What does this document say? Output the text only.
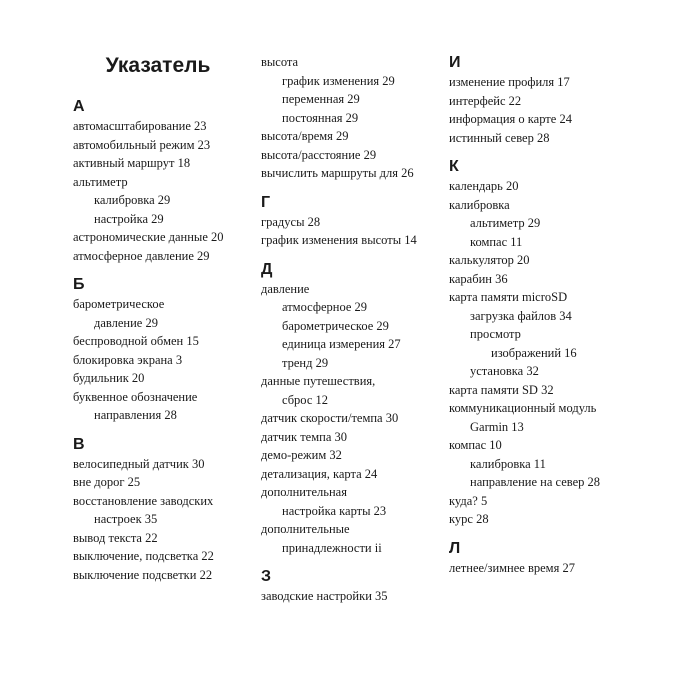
Указатель
А
автомасштабирование 23
автомобильный режим 23
активный маршрут 18
альтиметр
калибровка 29
настройка 29
астрономические данные 20
атмосферное давление 29
Б
барометрическое
давление 29
беспроводной обмен 15
блокировка экрана 3
будильник 20
буквенное обозначение
направления 28
В
велосипедный датчик 30
вне дорог 25
восстановление заводских
настроек 35
вывод текста 22
выключение, подсветка 22
выключение подсветки 22
высота
график изменения 29
переменная 29
постоянная 29
высота/время 29
высота/расстояние 29
вычислить маршруты для 26
Г
градусы 28
график изменения высоты 14
Д
давление
атмосферное 29
барометрическое 29
единица измерения 27
тренд 29
данные путешествия,
сброс 12
датчик скорости/темпа 30
датчик темпа 30
демо-режим 32
детализация, карта 24
дополнительная
настройка карты 23
дополнительные
принадлежности ii
З
заводские настройки 35
И
изменение профиля 17
интерфейс 22
информация о карте 24
истинный север 28
К
календарь 20
калибровка
альтиметр 29
компас 11
калькулятор 20
карабин 36
карта памяти microSD
загрузка файлов 34
просмотр
изображений 16
установка 32
карта памяти SD 32
коммуникационный модуль
Garmin 13
компас 10
калибровка 11
направление на север 28
куда? 5
курс 28
Л
летнее/зимнее время 27
